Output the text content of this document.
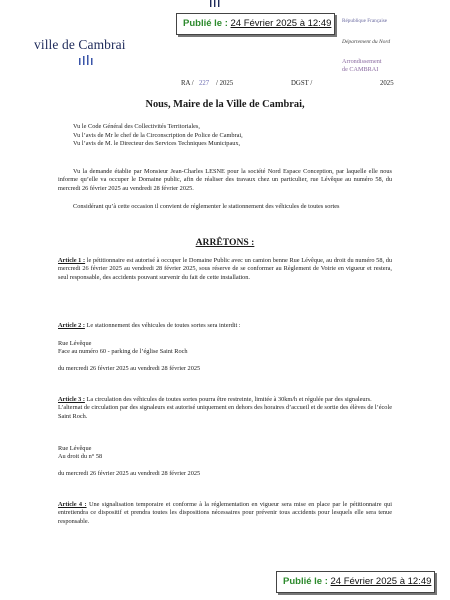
Publié le : 24 Février 2025 à 12:49
ville de Cambrai
République Française
Département du Nord
Arrondissement
de CAMBRAI
RA / 227 / 2025	DGST /	2025
Nous, Maire de la Ville de Cambrai,
Vu le Code Général des Collectivités Territoriales,
Vu l’avis de Mr le chef de la Circonscription de Police de Cambrai,
Vu l’avis de M. le Directeur des Services Techniques Municipaux,
Vu la demande établie par Monsieur Jean-Charles LESNE pour la société Nord Espace Conception, par laquelle elle nous informe qu’elle va occuper le Domaine public, afin de réaliser des travaux chez un particulier, rue Lévêque au numéro 58, du mercredi 26 février 2025 au vendredi 28 février 2025.
Considérant qu’à cette occasion il convient de réglementer le stationnement des véhicules de toutes sortes
ARRÊTONS :
Article 1 : le pétitionnaire est autorisé à occuper le Domaine Public avec un camion benne Rue Lévêque, au droit du numéro 58, du mercredi 26 février 2025 au vendredi 28 février 2025, sous réserve de se conformer au Règlement de Voirie en vigueur et restera, seul responsable, des accidents pouvant survenir du fait de cette installation.
Article 2 : Le stationnement des véhicules de toutes sortes sera interdit :
Rue Lévêque
Face au numéro 60 - parking de l’église Saint Roch
du mercredi 26 février 2025 au vendredi 28 février 2025
Article 3 : La circulation des véhicules de toutes sortes pourra être restreinte, limitée à 30km/h et régulée par des signaleurs.
L’alternat de circulation par des signaleurs est autorisé uniquement en dehors des horaires d’accueil et de sortie des élèves de l’école Saint Roch.
Rue Lévêque
Au droit du n° 58
du mercredi 26 février 2025 au vendredi 28 février 2025
Article 4 : Une signalisation temporaire et conforme à la réglementation en vigueur sera mise en place par le pétitionnaire qui entretiendra ce dispositif et prendra toutes les dispositions nécessaires pour prévenir tous accidents pour lesquels elle sera tenue responsable.
Publié le : 24 Février 2025 à 12:49
